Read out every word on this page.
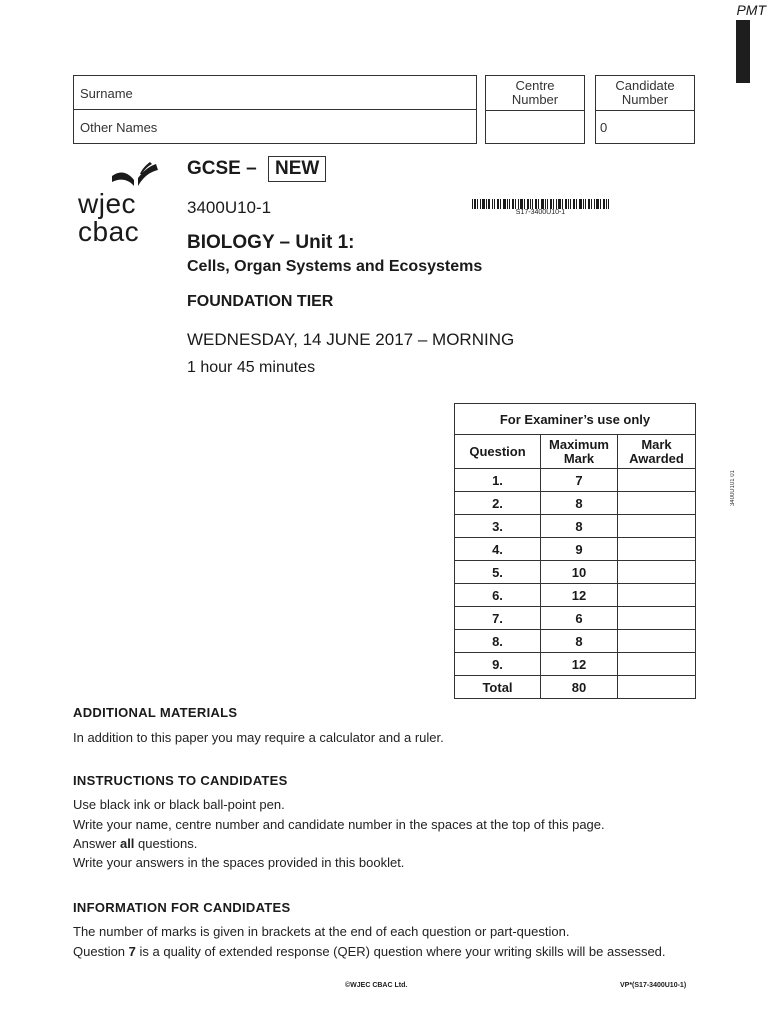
PMT
Surname
Other Names
Centre Number
Candidate Number
0
wjec
cbac
GCSE – NEW
3400U10-1	S17-3400U10-1
BIOLOGY – Unit 1:
Cells, Organ Systems and Ecosystems
FOUNDATION TIER
WEDNESDAY, 14 JUNE 2017 – MORNING
1 hour 45 minutes
For Examiner’s use only		
Question	Maximum Mark	Mark Awarded

1.	7	
2.	8	
3.	8	
4.	9	
5.	10	
6.	12	
7.	6	
8.	8	
9.	12	
Total	80	
3400U101 01
ADDITIONAL MATERIALS
In addition to this paper you may require a calculator and a ruler.
INSTRUCTIONS TO CANDIDATES
Use black ink or black ball-point pen.
Write your name, centre number and candidate number in the spaces at the top of this page.
Answer all questions.
Write your answers in the spaces provided in this booklet.
INFORMATION FOR CANDIDATES
The number of marks is given in brackets at the end of each question or part-question.
Question 7 is a quality of extended response (QER) question where your writing skills will be assessed.
©WJEC CBAC Ltd.	VP*(S17-3400U10-1)
